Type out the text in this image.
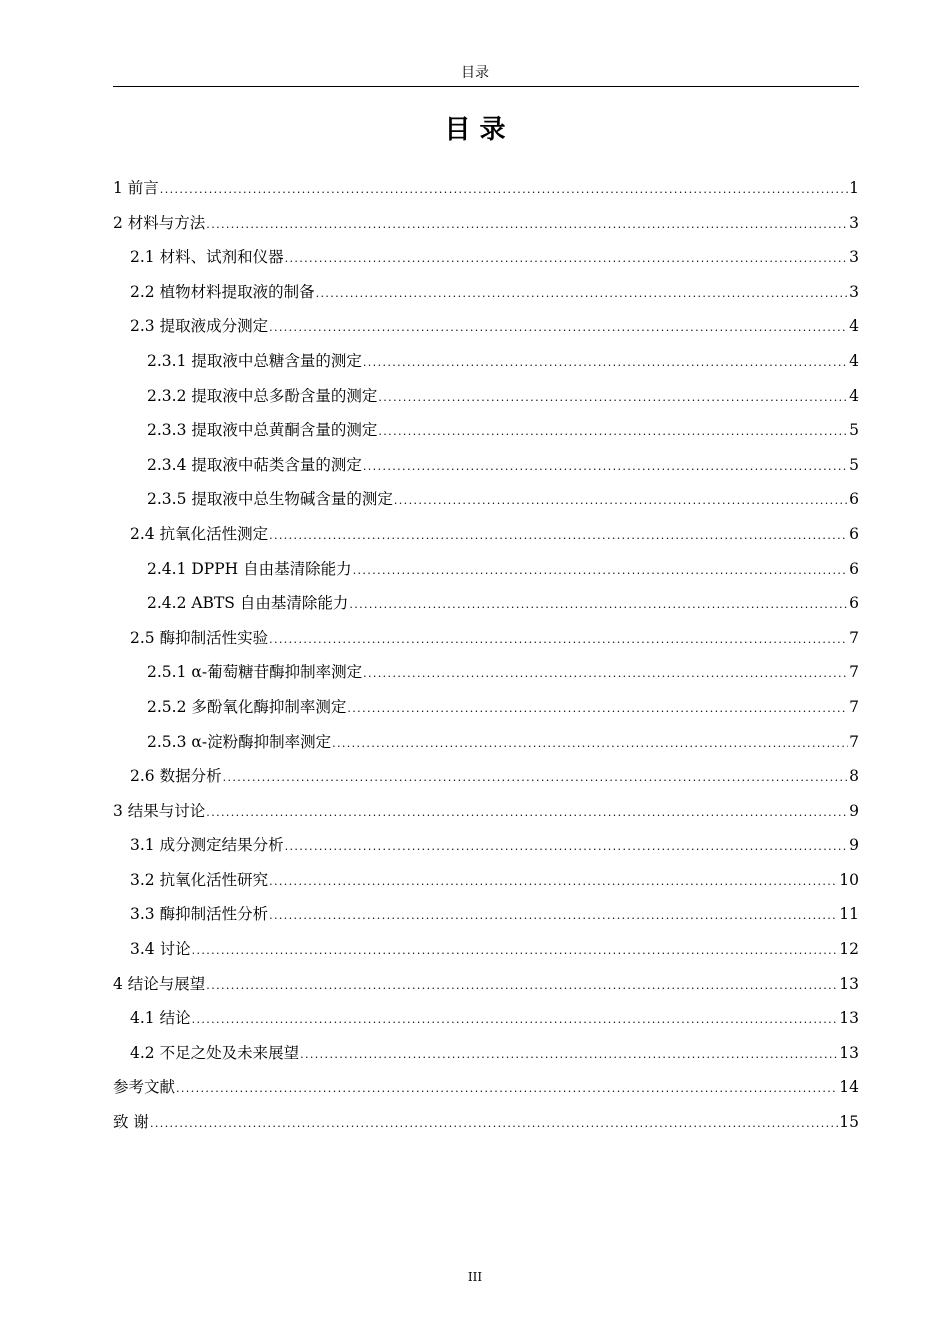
目录
目 录
1 前言 .....	1
2 材料与方法 .....	3
2.1 材料、试剂和仪器 .....	3
2.2 植物材料提取液的制备 .....	3
2.3 提取液成分测定 .....	4
2.3.1 提取液中总糖含量的测定 .....	4
2.3.2 提取液中总多酚含量的测定 .....	4
2.3.3 提取液中总黄酮含量的测定 .....	5
2.3.4 提取液中萜类含量的测定 .....	5
2.3.5 提取液中总生物碱含量的测定 .....	6
2.4 抗氧化活性测定 .....	6
2.4.1 DPPH 自由基清除能力 .....	6
2.4.2 ABTS 自由基清除能力 .....	6
2.5 酶抑制活性实验 .....	7
2.5.1 α-葡萄糖苷酶抑制率测定 .....	7
2.5.2 多酚氧化酶抑制率测定 .....	7
2.5.3 α-淀粉酶抑制率测定 .....	7
2.6 数据分析 .....	8
3 结果与讨论 .....	9
3.1 成分测定结果分析 .....	9
3.2 抗氧化活性研究 .....	10
3.3 酶抑制活性分析 .....	11
3.4 讨论 .....	12
4 结论与展望 .....	13
4.1 结论 .....	13
4.2 不足之处及未来展望 .....	13
参考文献 .....	14
致 谢 .....	15
III
